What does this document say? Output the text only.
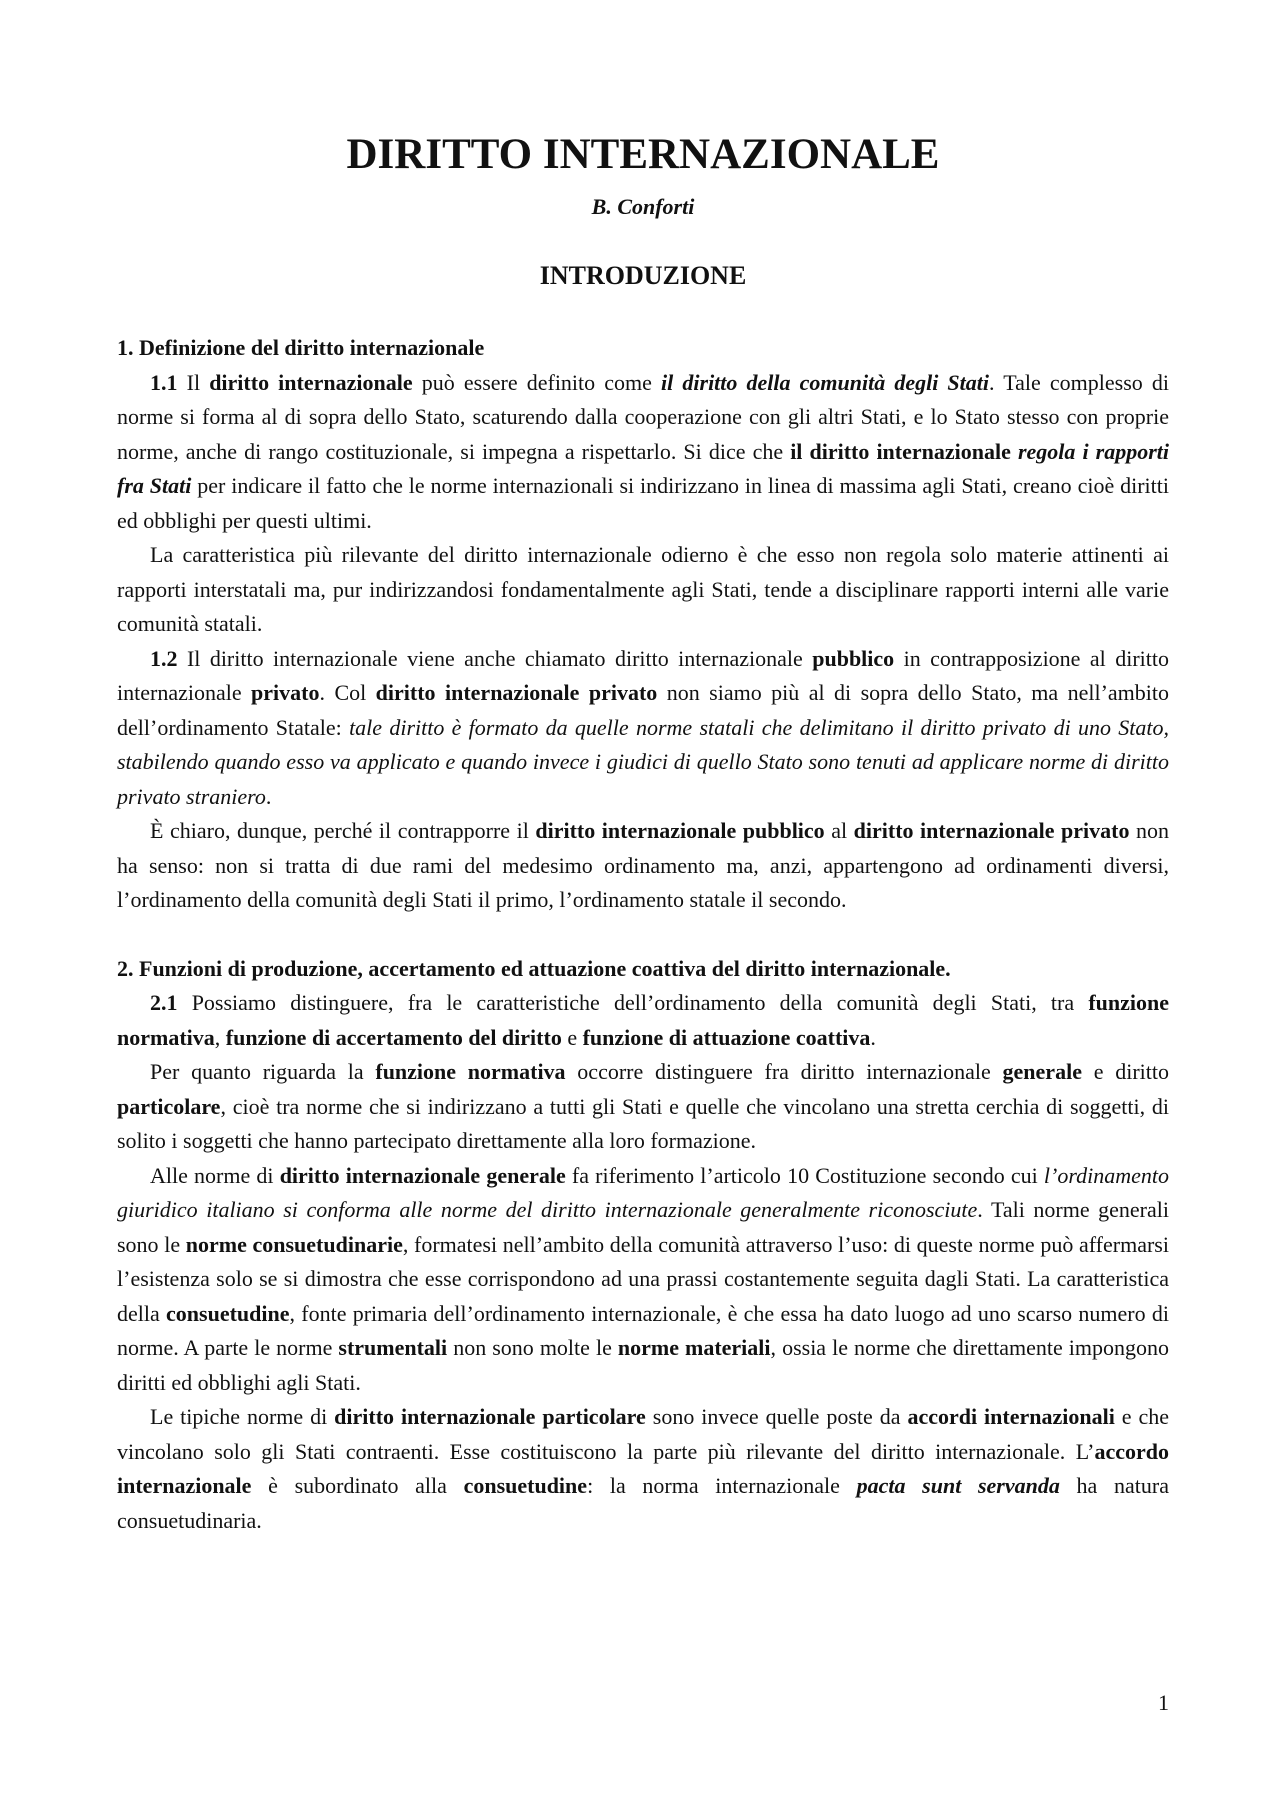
DIRITTO INTERNAZIONALE
B. Conforti
INTRODUZIONE
1. Definizione del diritto internazionale

1.1 Il diritto internazionale può essere definito come il diritto della comunità degli Stati. Tale complesso di norme si forma al di sopra dello Stato, scaturendo dalla cooperazione con gli altri Stati, e lo Stato stesso con proprie norme, anche di rango costituzionale, si impegna a rispettarlo. Si dice che il diritto internazionale regola i rapporti fra Stati per indicare il fatto che le norme internazionali si indirizzano in linea di massima agli Stati, creano cioè diritti ed obblighi per questi ultimi.

La caratteristica più rilevante del diritto internazionale odierno è che esso non regola solo materie attinenti ai rapporti interstatali ma, pur indirizzandosi fondamentalmente agli Stati, tende a disciplinare rapporti interni alle varie comunità statali.

1.2 Il diritto internazionale viene anche chiamato diritto internazionale pubblico in contrapposizione al diritto internazionale privato. Col diritto internazionale privato non siamo più al di sopra dello Stato, ma nell’ambito dell’ordinamento Statale: tale diritto è formato da quelle norme statali che delimitano il diritto privato di uno Stato, stabilendo quando esso va applicato e quando invece i giudici di quello Stato sono tenuti ad applicare norme di diritto privato straniero.

È chiaro, dunque, perché il contrapporre il diritto internazionale pubblico al diritto internazionale privato non ha senso: non si tratta di due rami del medesimo ordinamento ma, anzi, appartengono ad ordinamenti diversi, l’ordinamento della comunità degli Stati il primo, l’ordinamento statale il secondo.

2. Funzioni di produzione, accertamento ed attuazione coattiva del diritto internazionale.

2.1 Possiamo distinguere, fra le caratteristiche dell’ordinamento della comunità degli Stati, tra funzione normativa, funzione di accertamento del diritto e funzione di attuazione coattiva.

Per quanto riguarda la funzione normativa occorre distinguere fra diritto internazionale generale e diritto particolare, cioè tra norme che si indirizzano a tutti gli Stati e quelle che vincolano una stretta cerchia di soggetti, di solito i soggetti che hanno partecipato direttamente alla loro formazione.

Alle norme di diritto internazionale generale fa riferimento l’articolo 10 Costituzione secondo cui l’ordinamento giuridico italiano si conforma alle norme del diritto internazionale generalmente riconosciute. Tali norme generali sono le norme consuetudinarie, formatesi nell’ambito della comunità attraverso l’uso: di queste norme può affermarsi l’esistenza solo se si dimostra che esse corrispondono ad una prassi costantemente seguita dagli Stati. La caratteristica della consuetudine, fonte primaria dell’ordinamento internazionale, è che essa ha dato luogo ad uno scarso numero di norme. A parte le norme strumentali non sono molte le norme materiali, ossia le norme che direttamente impongono diritti ed obblighi agli Stati.

Le tipiche norme di diritto internazionale particolare sono invece quelle poste da accordi internazionali e che vincolano solo gli Stati contraenti. Esse costituiscono la parte più rilevante del diritto internazionale. L’accordo internazionale è subordinato alla consuetudine: la norma internazionale pacta sunt servanda ha natura consuetudinaria.

1
